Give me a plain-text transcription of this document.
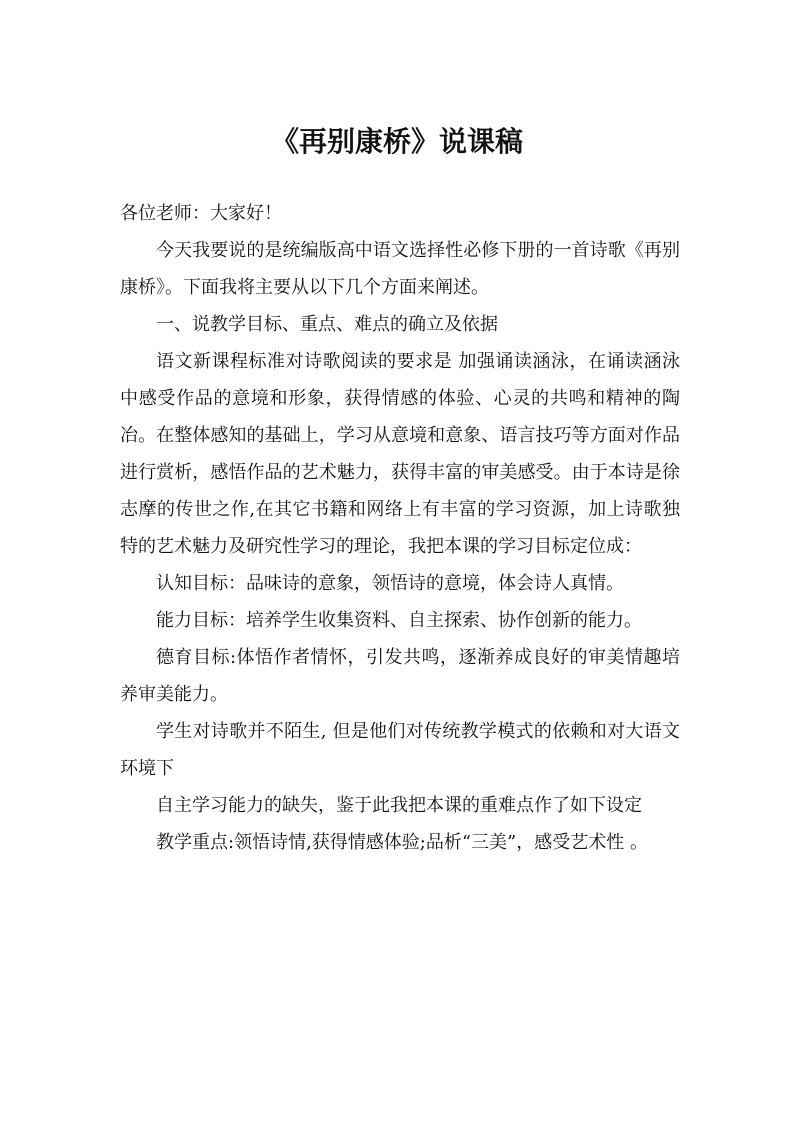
《再别康桥》说课稿

各位老师：大家好！

今天我要说的是统编版高中语文选择性必修下册的一首诗歌《再别康桥》。下面我将主要从以下几个方面来阐述。

一、说教学目标、重点、难点的确立及依据

语文新课程标准对诗歌阅读的要求是 加强诵读涵泳，在诵读涵泳中感受作品的意境和形象，获得情感的体验、心灵的共鸣和精神的陶冶。在整体感知的基础上，学习从意境和意象、语言技巧等方面对作品进行赏析，感悟作品的艺术魅力，获得丰富的审美感受。由于本诗是徐志摩的传世之作,在其它书籍和网络上有丰富的学习资源，加上诗歌独特的艺术魅力及研究性学习的理论，我把本课的学习目标定位成：

认知目标：品味诗的意象，领悟诗的意境，体会诗人真情。

能力目标：培养学生收集资料、自主探索、协作创新的能力。

德育目标:体悟作者情怀，引发共鸣，逐渐养成良好的审美情趣培养审美能力。

学生对诗歌并不陌生, 但是他们对传统教学模式的依赖和对大语文环境下

自主学习能力的缺失，鉴于此我把本课的重难点作了如下设定

教学重点:领悟诗情,获得情感体验;品析“三美”，感受艺术性 。
